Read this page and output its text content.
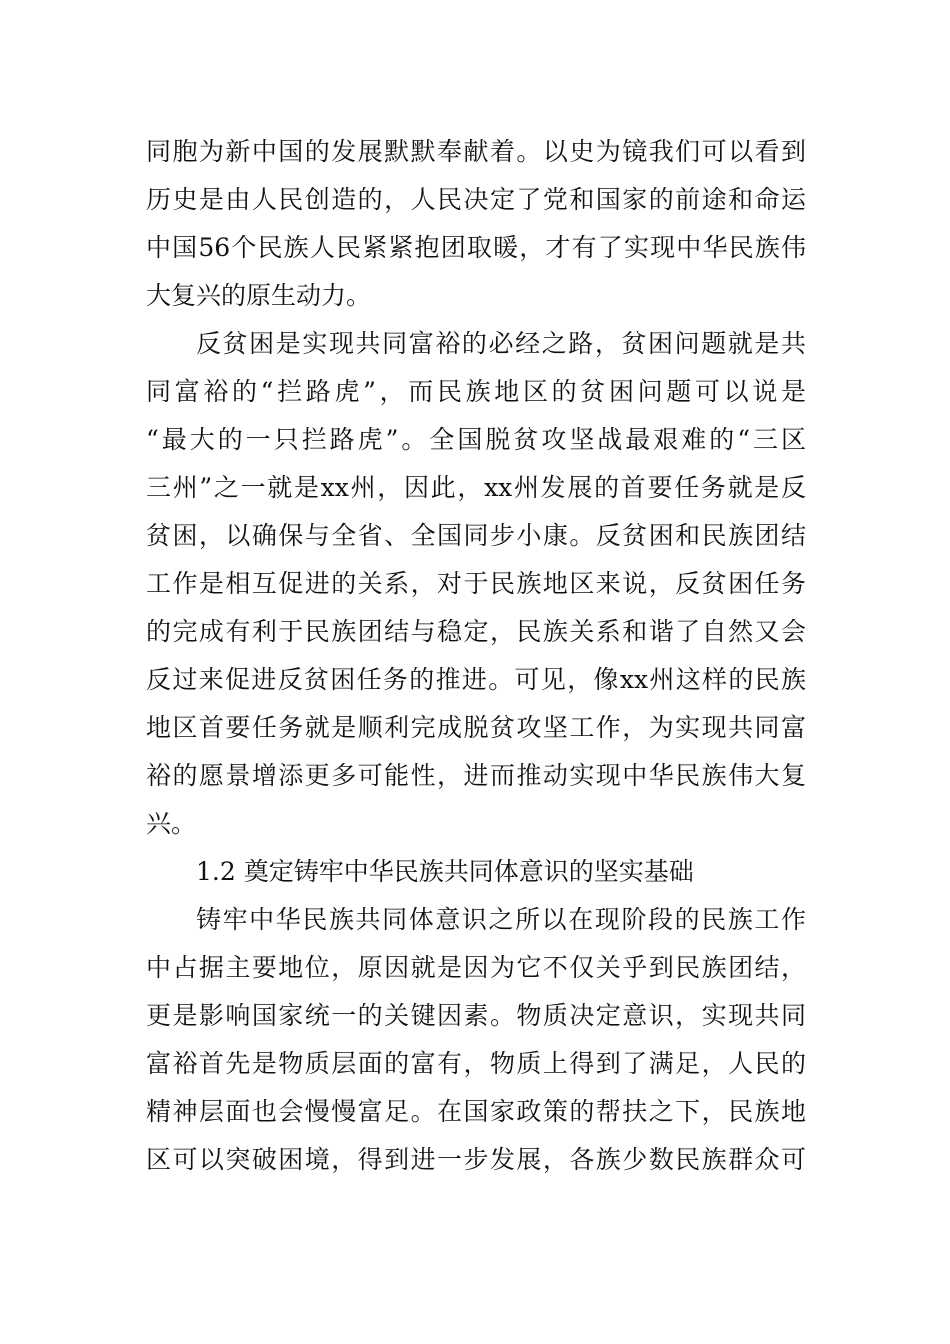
同胞为新中国的发展默默奉献着。以史为镜我们可以看到
历史是由人民创造的，人民决定了党和国家的前途和命运
中国56个民族人民紧紧抱团取暖，才有了实现中华民族伟
大复兴的原生动力。
反贫困是实现共同富裕的必经之路，贫困问题就是共
同富裕的“拦路虎”，而民族地区的贫困问题可以说是
“最大的一只拦路虎”。全国脱贫攻坚战最艰难的“三区
三州”之一就是xx州，因此，xx州发展的首要任务就是反
贫困，以确保与全省、全国同步小康。反贫困和民族团结
工作是相互促进的关系，对于民族地区来说，反贫困任务
的完成有利于民族团结与稳定，民族关系和谐了自然又会
反过来促进反贫困任务的推进。可见，像xx州这样的民族
地区首要任务就是顺利完成脱贫攻坚工作，为实现共同富
裕的愿景增添更多可能性，进而推动实现中华民族伟大复
兴。
1.2 奠定铸牢中华民族共同体意识的坚实基础
铸牢中华民族共同体意识之所以在现阶段的民族工作
中占据主要地位，原因就是因为它不仅关乎到民族团结，
更是影响国家统一的关键因素。物质决定意识，实现共同
富裕首先是物质层面的富有，物质上得到了满足，人民的
精神层面也会慢慢富足。在国家政策的帮扶之下，民族地
区可以突破困境，得到进一步发展，各族少数民族群众可
